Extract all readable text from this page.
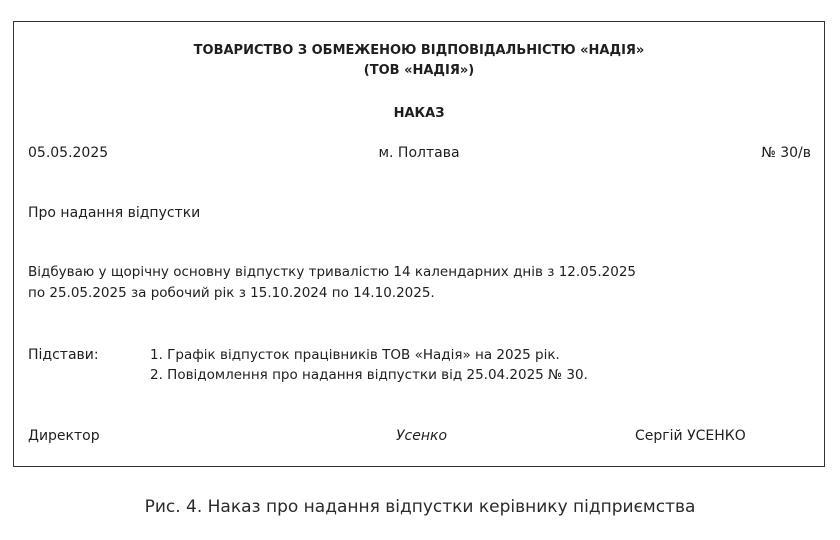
ТОВАРИСТВО З ОБМЕЖЕНОЮ ВІДПОВІДАЛЬНІСТЮ «НАДІЯ»
(ТОВ «НАДІЯ»)
НАКАЗ
05.05.2025	м. Полтава	№ 30/в
Про надання відпустки
Відбуваю у щорічну основну відпустку тривалістю 14 календарних днів з 12.05.2025
по 25.05.2025 за робочий рік з 15.10.2024 по 14.10.2025.
Підстави:	1. Графік відпусток працівників ТОВ «Надія» на 2025 рік.
2. Повідомлення про надання відпустки від 25.04.2025 № 30.
Директор	Усенко	Сергій УСЕНКО
Рис. 4. Наказ про надання відпустки керівнику підприємства
